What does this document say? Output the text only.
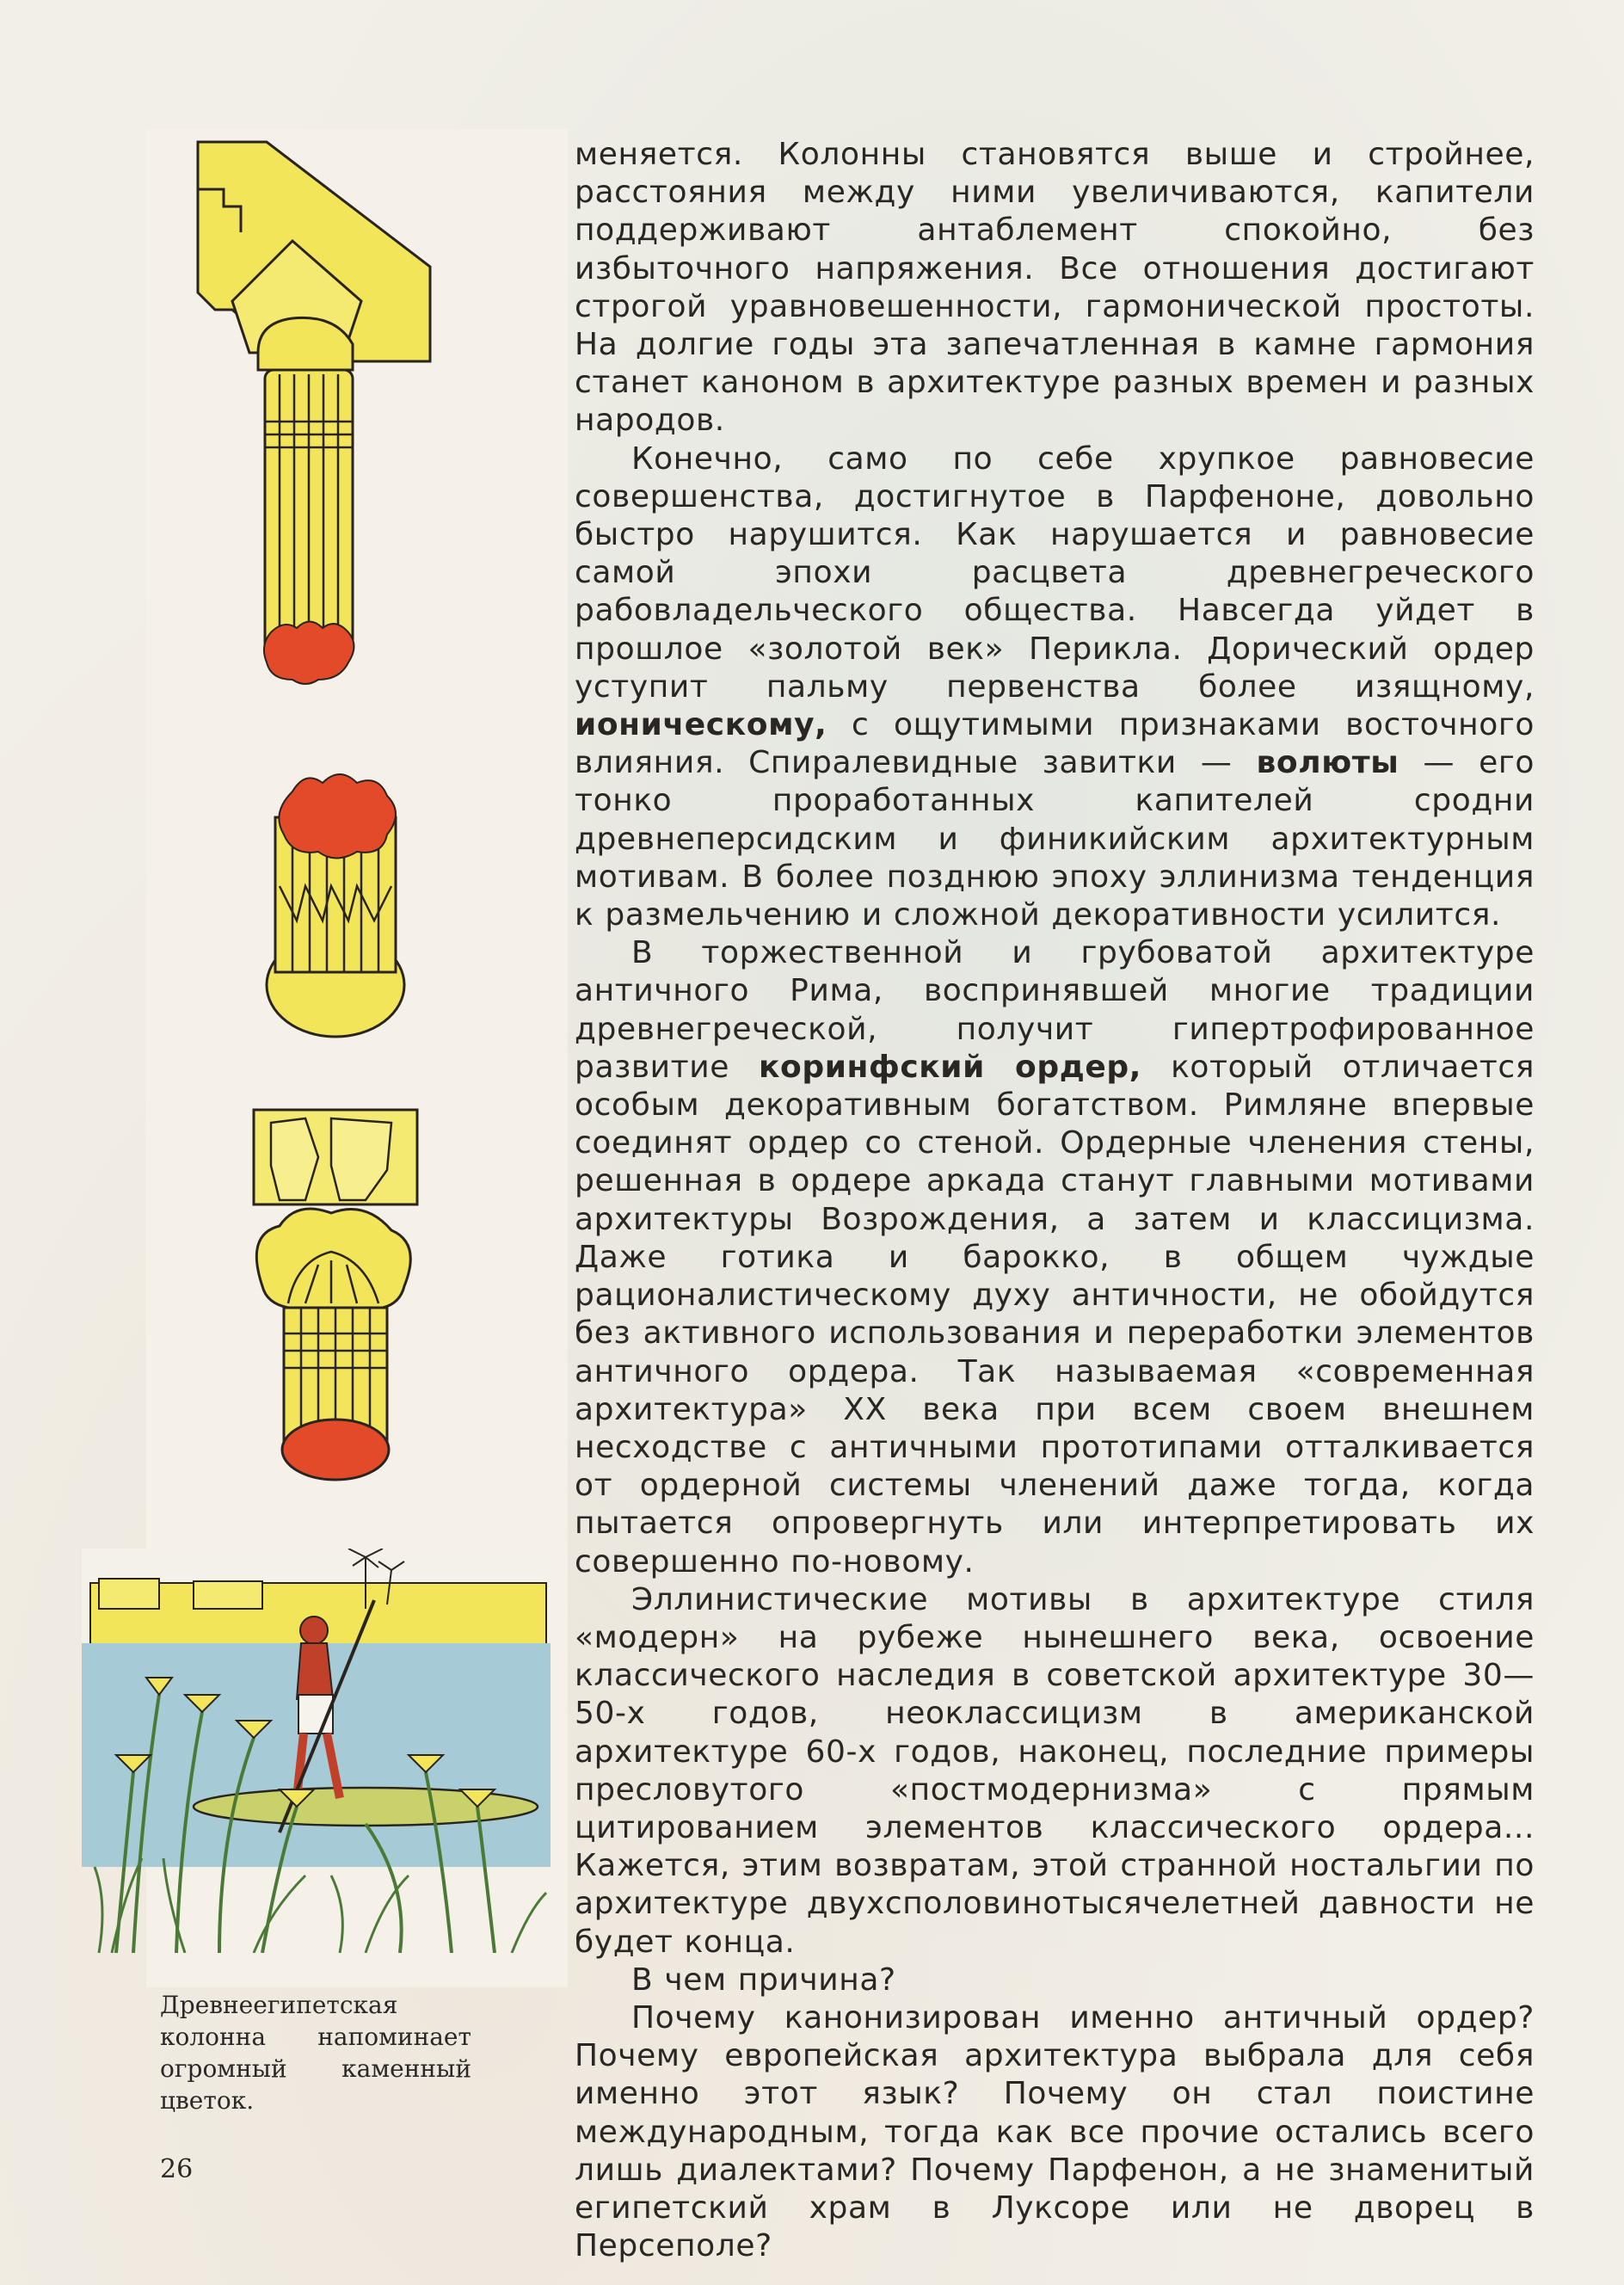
меняется. Колонны становятся выше и стройнее, расстояния между ними увеличиваются, капители поддерживают антаблемент спокойно, без избыточного напряжения. Все отношения достигают строгой уравновешенности, гармонической простоты. На долгие годы эта запечатленная в камне гармония станет каноном в архитектуре разных времен и разных народов.

Конечно, само по себе хрупкое равновесие совершенства, достигнутое в Парфеноне, довольно быстро нарушится. Как нарушается и равновесие самой эпохи расцвета древнегреческого рабовладельческого общества. Навсегда уйдет в прошлое «золотой век» Перикла. Дорический ордер уступит пальму первенства более изящному, ионическому, с ощутимыми признаками восточного влияния. Спиралевидные завитки — волюты — его тонко проработанных капителей сродни древнеперсидским и финикийским архитектурным мотивам. В более позднюю эпоху эллинизма тенденция к размельчению и сложной декоративности усилится.

В торжественной и грубоватой архитектуре античного Рима, воспринявшей многие традиции древнегреческой, получит гипертрофированное развитие коринфский ордер, который отличается особым декоративным богатством. Римляне впервые соединят ордер со стеной. Ордерные членения стены, решенная в ордере аркада станут главными мотивами архитектуры Возрождения, а затем и классицизма. Даже готика и барокко, в общем чуждые рационалистическому духу античности, не обойдутся без активного использования и переработки элементов античного ордера. Так называемая «современная архитектура» XX века при всем своем внешнем несходстве с античными прототипами отталкивается от ордерной системы членений даже тогда, когда пытается опровергнуть или интерпретировать их совершенно по-новому.

Эллинистические мотивы в архитектуре стиля «модерн» на рубеже нынешнего века, освоение классического наследия в советской архитектуре 30—50-х годов, неоклассицизм в американской архитектуре 60-х годов, наконец, последние примеры пресловутого «постмодернизма» с прямым цитированием элементов классического ордера... Кажется, этим возвратам, этой странной ностальгии по архитектуре двухсполовинотысячелетней давности не будет конца.

В чем причина?

Почему канонизирован именно античный ордер? Почему европейская архитектура выбрала для себя именно этот язык? Почему он стал поистине международным, тогда как все прочие остались всего лишь диалектами? Почему Парфенон, а не знаменитый египетский храм в Луксоре или не дворец в Персеполе?

Древнеегипетская колонна напоминает огромный каменный цветок.
26
